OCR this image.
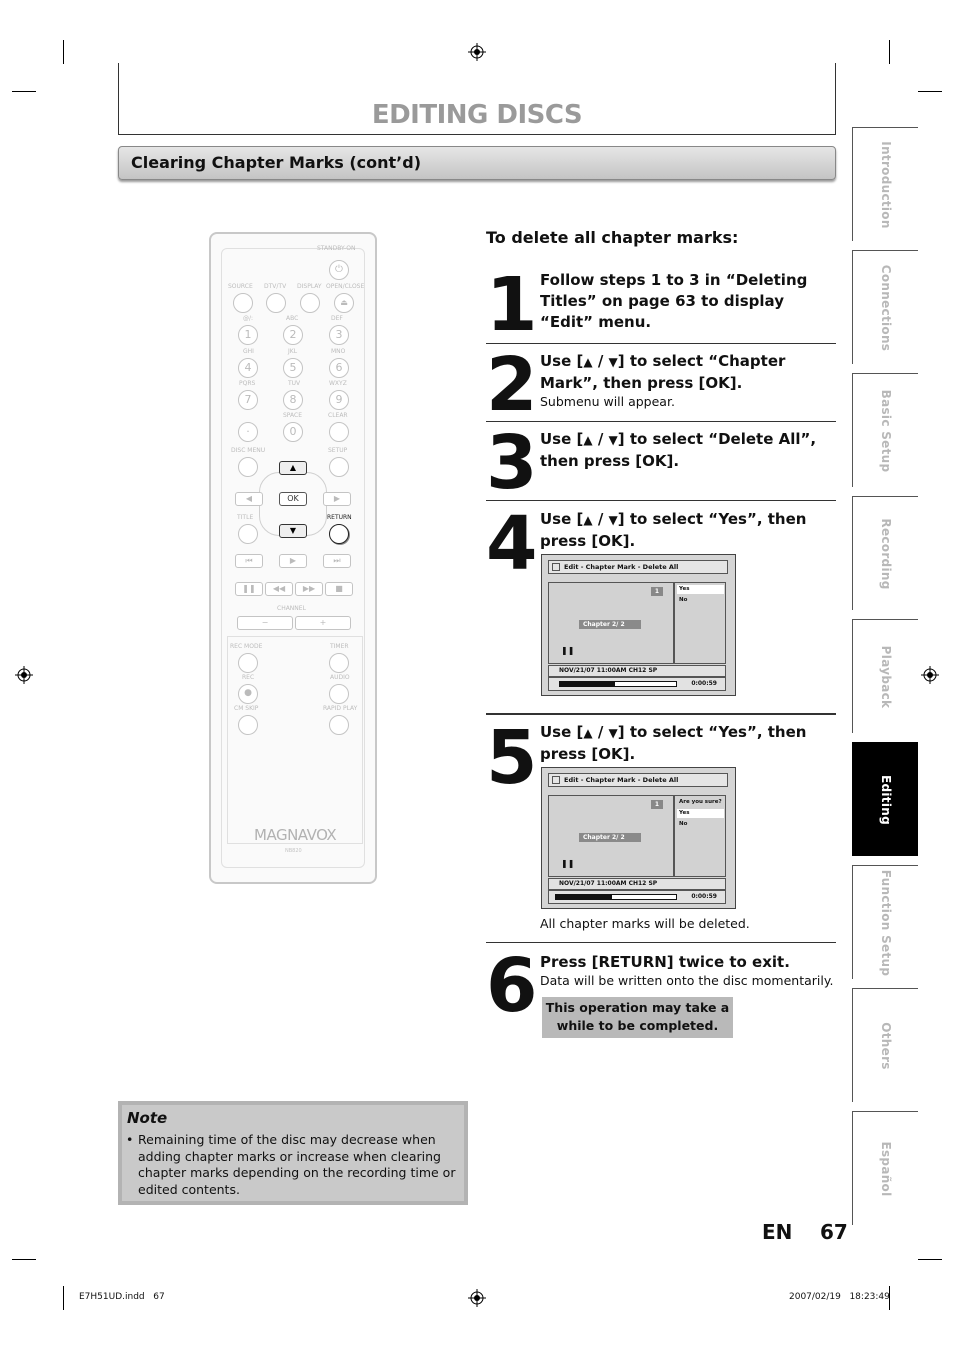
EDITING DISCS
Clearing Chapter Marks (cont’d)	Introduction
Connections
Basic Setup
Recording
Playback
Editing
Function Setup
Others
Español
STANDBY-ON
⏻
SOURCE DTV/TV DISPLAY OPEN/CLOSE
⏏
@/:	ABC	DEF
1	2	3
GHI	JKL	MNO
4	5	6
PQRS	TUV	WXYZ
7	8	9
SPACE	CLEAR
·	0
DISC MENU	SETUP
▲
▼
◀	▶
OK
TITLE	RETURN
⏮	▶	⏭
❚❚	◀◀	▶▶	■
CHANNEL
−	+
REC MODE	TIMER
REC	AUDIO
●
CM SKIP	RAPID PLAY
MAGNAVOX
NB820
To delete all chapter marks:
1 Follow steps 1 to 3 in “Deleting Titles” on page 63 to display “Edit” menu.
2 Use [▲ / ▼] to select “Chapter Mark”, then press [OK].
Submenu will appear.
3 Use [▲ / ▼] to select “Delete All”, then press [OK].
4 Use [▲ / ▼] to select “Yes”, then press [OK].
Edit - Chapter Mark - Delete All
1
Chapter 2/ 2
❚❚
Yes
No
NOV/21/07 11:00AM CH12 SP
0:00:59
5 Use [▲ / ▼] to select “Yes”, then press [OK].
All chapter marks will be deleted.
Edit - Chapter Mark - Delete All
1
Chapter 2/ 2
❚❚
Are you sure?
Yes
No
NOV/21/07 11:00AM CH12 SP
0:00:59
6 Press [RETURN] twice to exit.
Data will be written onto the disc momentarily.
This operation may take a while to be completed.
Note
• Remaining time of the disc may decrease when adding chapter marks or increase when clearing chapter marks depending on the recording time or edited contents.
EN 67
E7H51UD.indd   67	2007/02/19   18:23:49
